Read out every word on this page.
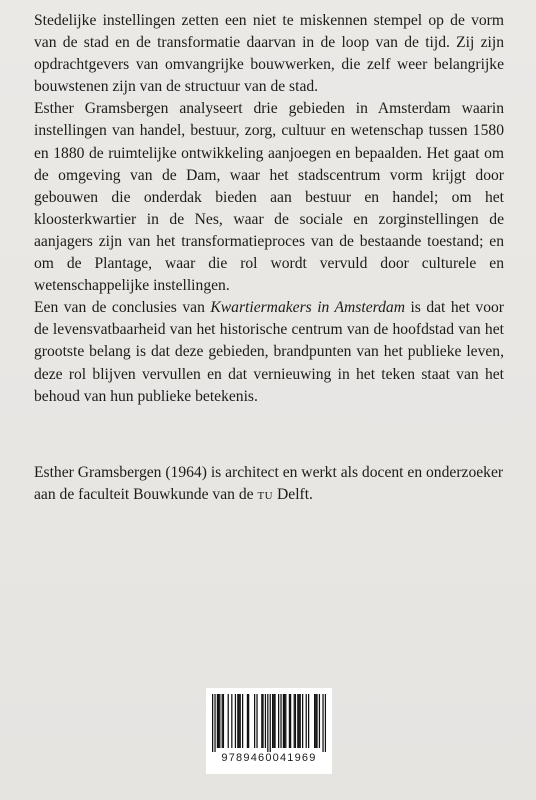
Stedelijke instellingen zetten een niet te miskennen stempel op de vorm van de stad en de transformatie daarvan in de loop van de tijd. Zij zijn opdrachtgevers van omvangrijke bouwwerken, die zelf weer belangrijke bouwstenen zijn van de structuur van de stad.

Esther Gramsbergen analyseert drie gebieden in Amsterdam waarin instellingen van handel, bestuur, zorg, cultuur en wetenschap tussen 1580 en 1880 de ruimtelijke ontwikkeling aanjoegen en bepaalden. Het gaat om de omgeving van de Dam, waar het stadscentrum vorm krijgt door gebouwen die onderdak bieden aan bestuur en handel; om het kloosterkwartier in de Nes, waar de sociale en zorginstellingen de aanjagers zijn van het transformatieproces van de bestaande toestand; en om de Plantage, waar die rol wordt vervuld door culturele en wetenschappelijke instellingen.

Een van de conclusies van Kwartiermakers in Amsterdam is dat het voor de levensvatbaarheid van het historische centrum van de hoofdstad van het grootste belang is dat deze gebieden, brandpunten van het publieke leven, deze rol blijven vervullen en dat vernieuwing in het teken staat van het behoud van hun publieke betekenis.

Esther Gramsbergen (1964) is architect en werkt als docent en onderzoeker aan de faculteit Bouwkunde van de tu Delft.

9789460041969
